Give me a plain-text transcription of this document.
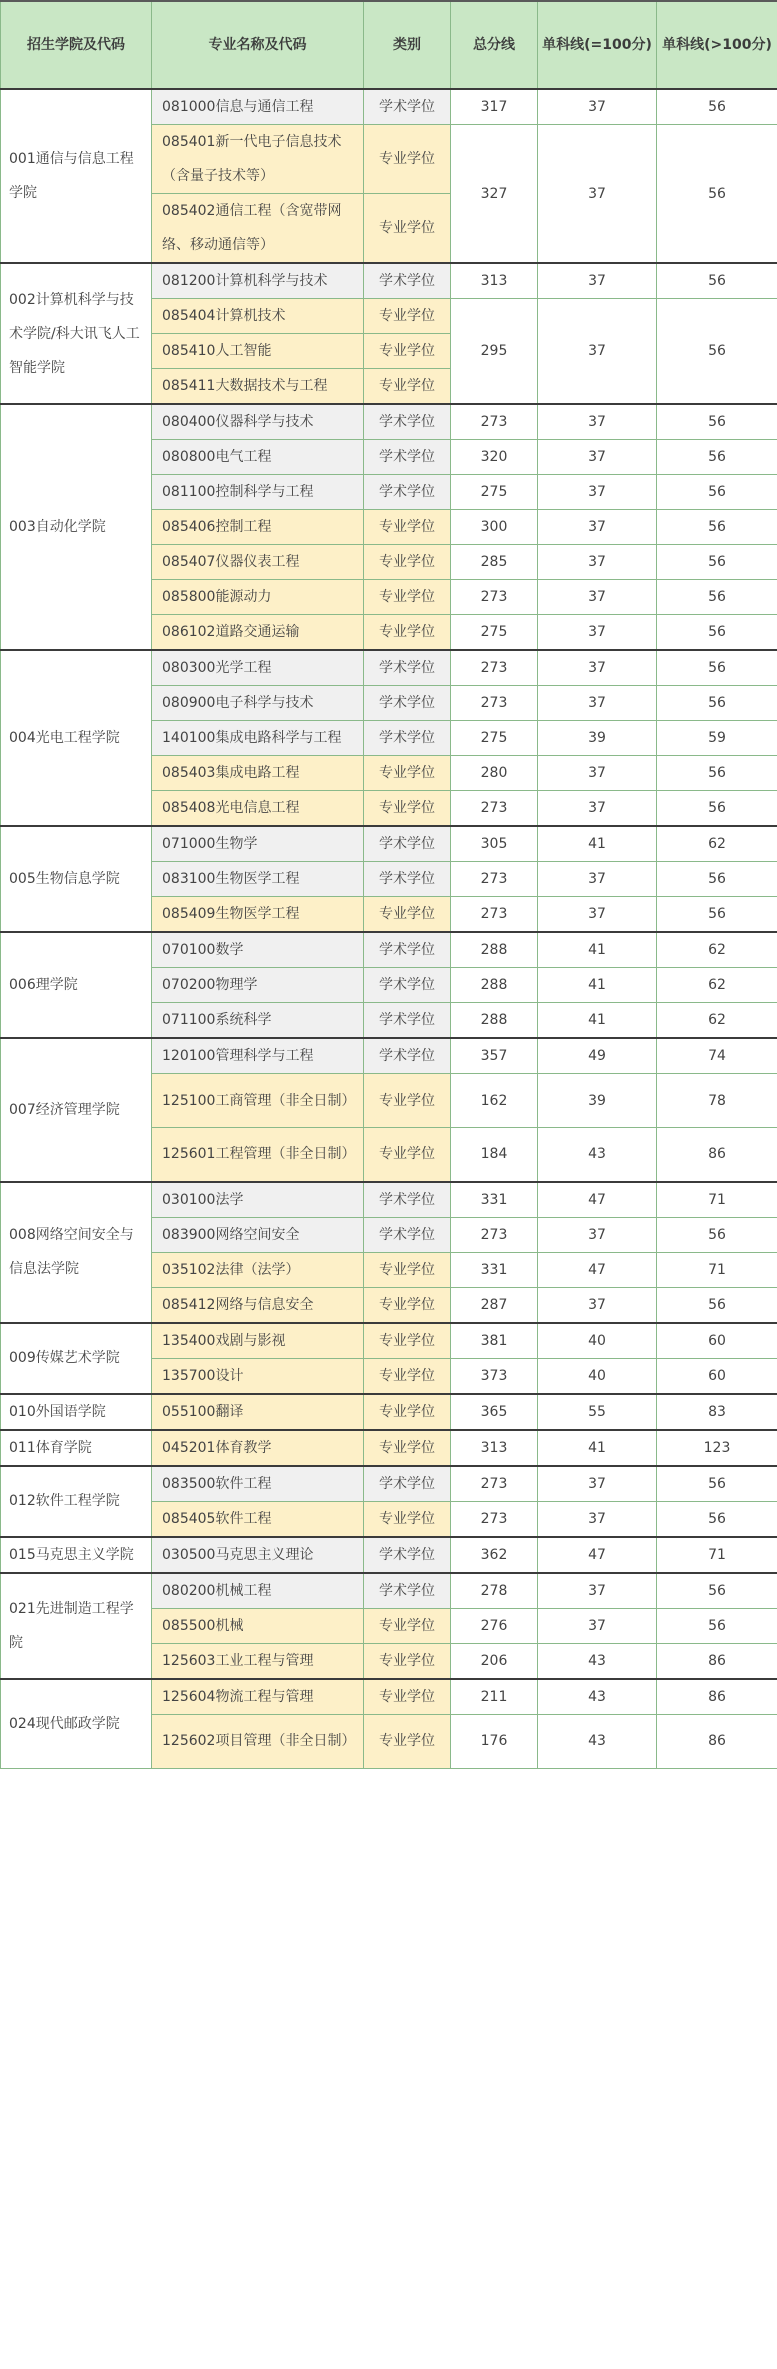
招生学院及代码	专业名称及代码	类别	总分线	单科线(=100分)	单科线(>100分)
001通信与信息工程学院	081000信息与通信工程	学术学位	317	37	56
	085401新一代电子信息技术（含量子技术等）	专业学位	327	37	56
	085402通信工程（含宽带网络、移动通信等）	专业学位			
002计算机科学与技术学院/科大讯飞人工智能学院	081200计算机科学与技术	学术学位	313	37	56
	085404计算机技术	专业学位	295	37	56
	085410人工智能	专业学位			
	085411大数据技术与工程	专业学位			
003自动化学院	080400仪器科学与技术	学术学位	273	37	56
	080800电气工程	学术学位	320	37	56
	081100控制科学与工程	学术学位	275	37	56
	085406控制工程	专业学位	300	37	56
	085407仪器仪表工程	专业学位	285	37	56
	085800能源动力	专业学位	273	37	56
	086102道路交通运输	专业学位	275	37	56
004光电工程学院	080300光学工程	学术学位	273	37	56
	080900电子科学与技术	学术学位	273	37	56
	140100集成电路科学与工程	学术学位	275	39	59
	085403集成电路工程	专业学位	280	37	56
	085408光电信息工程	专业学位	273	37	56
005生物信息学院	071000生物学	学术学位	305	41	62
	083100生物医学工程	学术学位	273	37	56
	085409生物医学工程	专业学位	273	37	56
006理学院	070100数学	学术学位	288	41	62
	070200物理学	学术学位	288	41	62
	071100系统科学	学术学位	288	41	62
007经济管理学院	120100管理科学与工程	学术学位	357	49	74
	125100工商管理（非全日制）	专业学位	162	39	78
	125601工程管理（非全日制）	专业学位	184	43	86
008网络空间安全与信息法学院	030100法学	学术学位	331	47	71
	083900网络空间安全	学术学位	273	37	56
	035102法律（法学）	专业学位	331	47	71
	085412网络与信息安全	专业学位	287	37	56
009传媒艺术学院	135400戏剧与影视	专业学位	381	40	60
	135700设计	专业学位	373	40	60
010外国语学院	055100翻译	专业学位	365	55	83
011体育学院	045201体育教学	专业学位	313	41	123
012软件工程学院	083500软件工程	学术学位	273	37	56
	085405软件工程	专业学位	273	37	56
015马克思主义学院	030500马克思主义理论	学术学位	362	47	71
021先进制造工程学院	080200机械工程	学术学位	278	37	56
	085500机械	专业学位	276	37	56
	125603工业工程与管理	专业学位	206	43	86
024现代邮政学院	125604物流工程与管理	专业学位	211	43	86
	125602项目管理（非全日制）	专业学位	176	43	86
